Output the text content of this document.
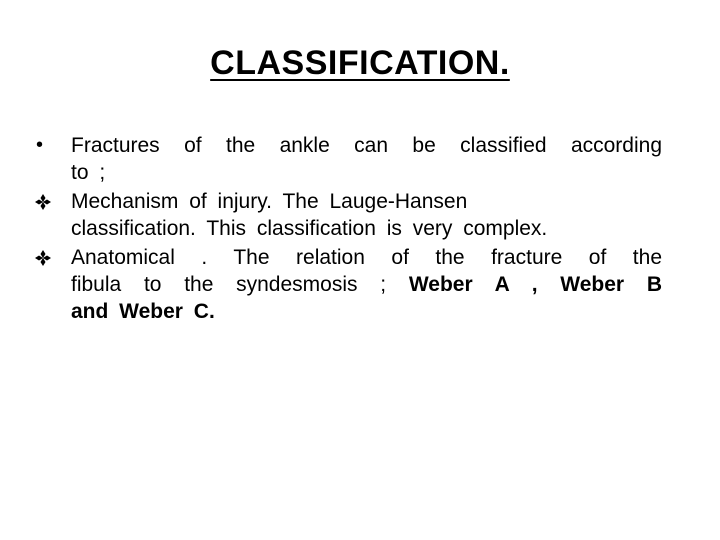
CLASSIFICATION.
• Fractures of the ankle can be classified according
to ;
Mechanism of injury. The Lauge-Hansen
classification. This classification is very complex.
Anatomical . The relation of the fracture of the
fibula to the syndesmosis ; Weber A , Weber B
and Weber C.
